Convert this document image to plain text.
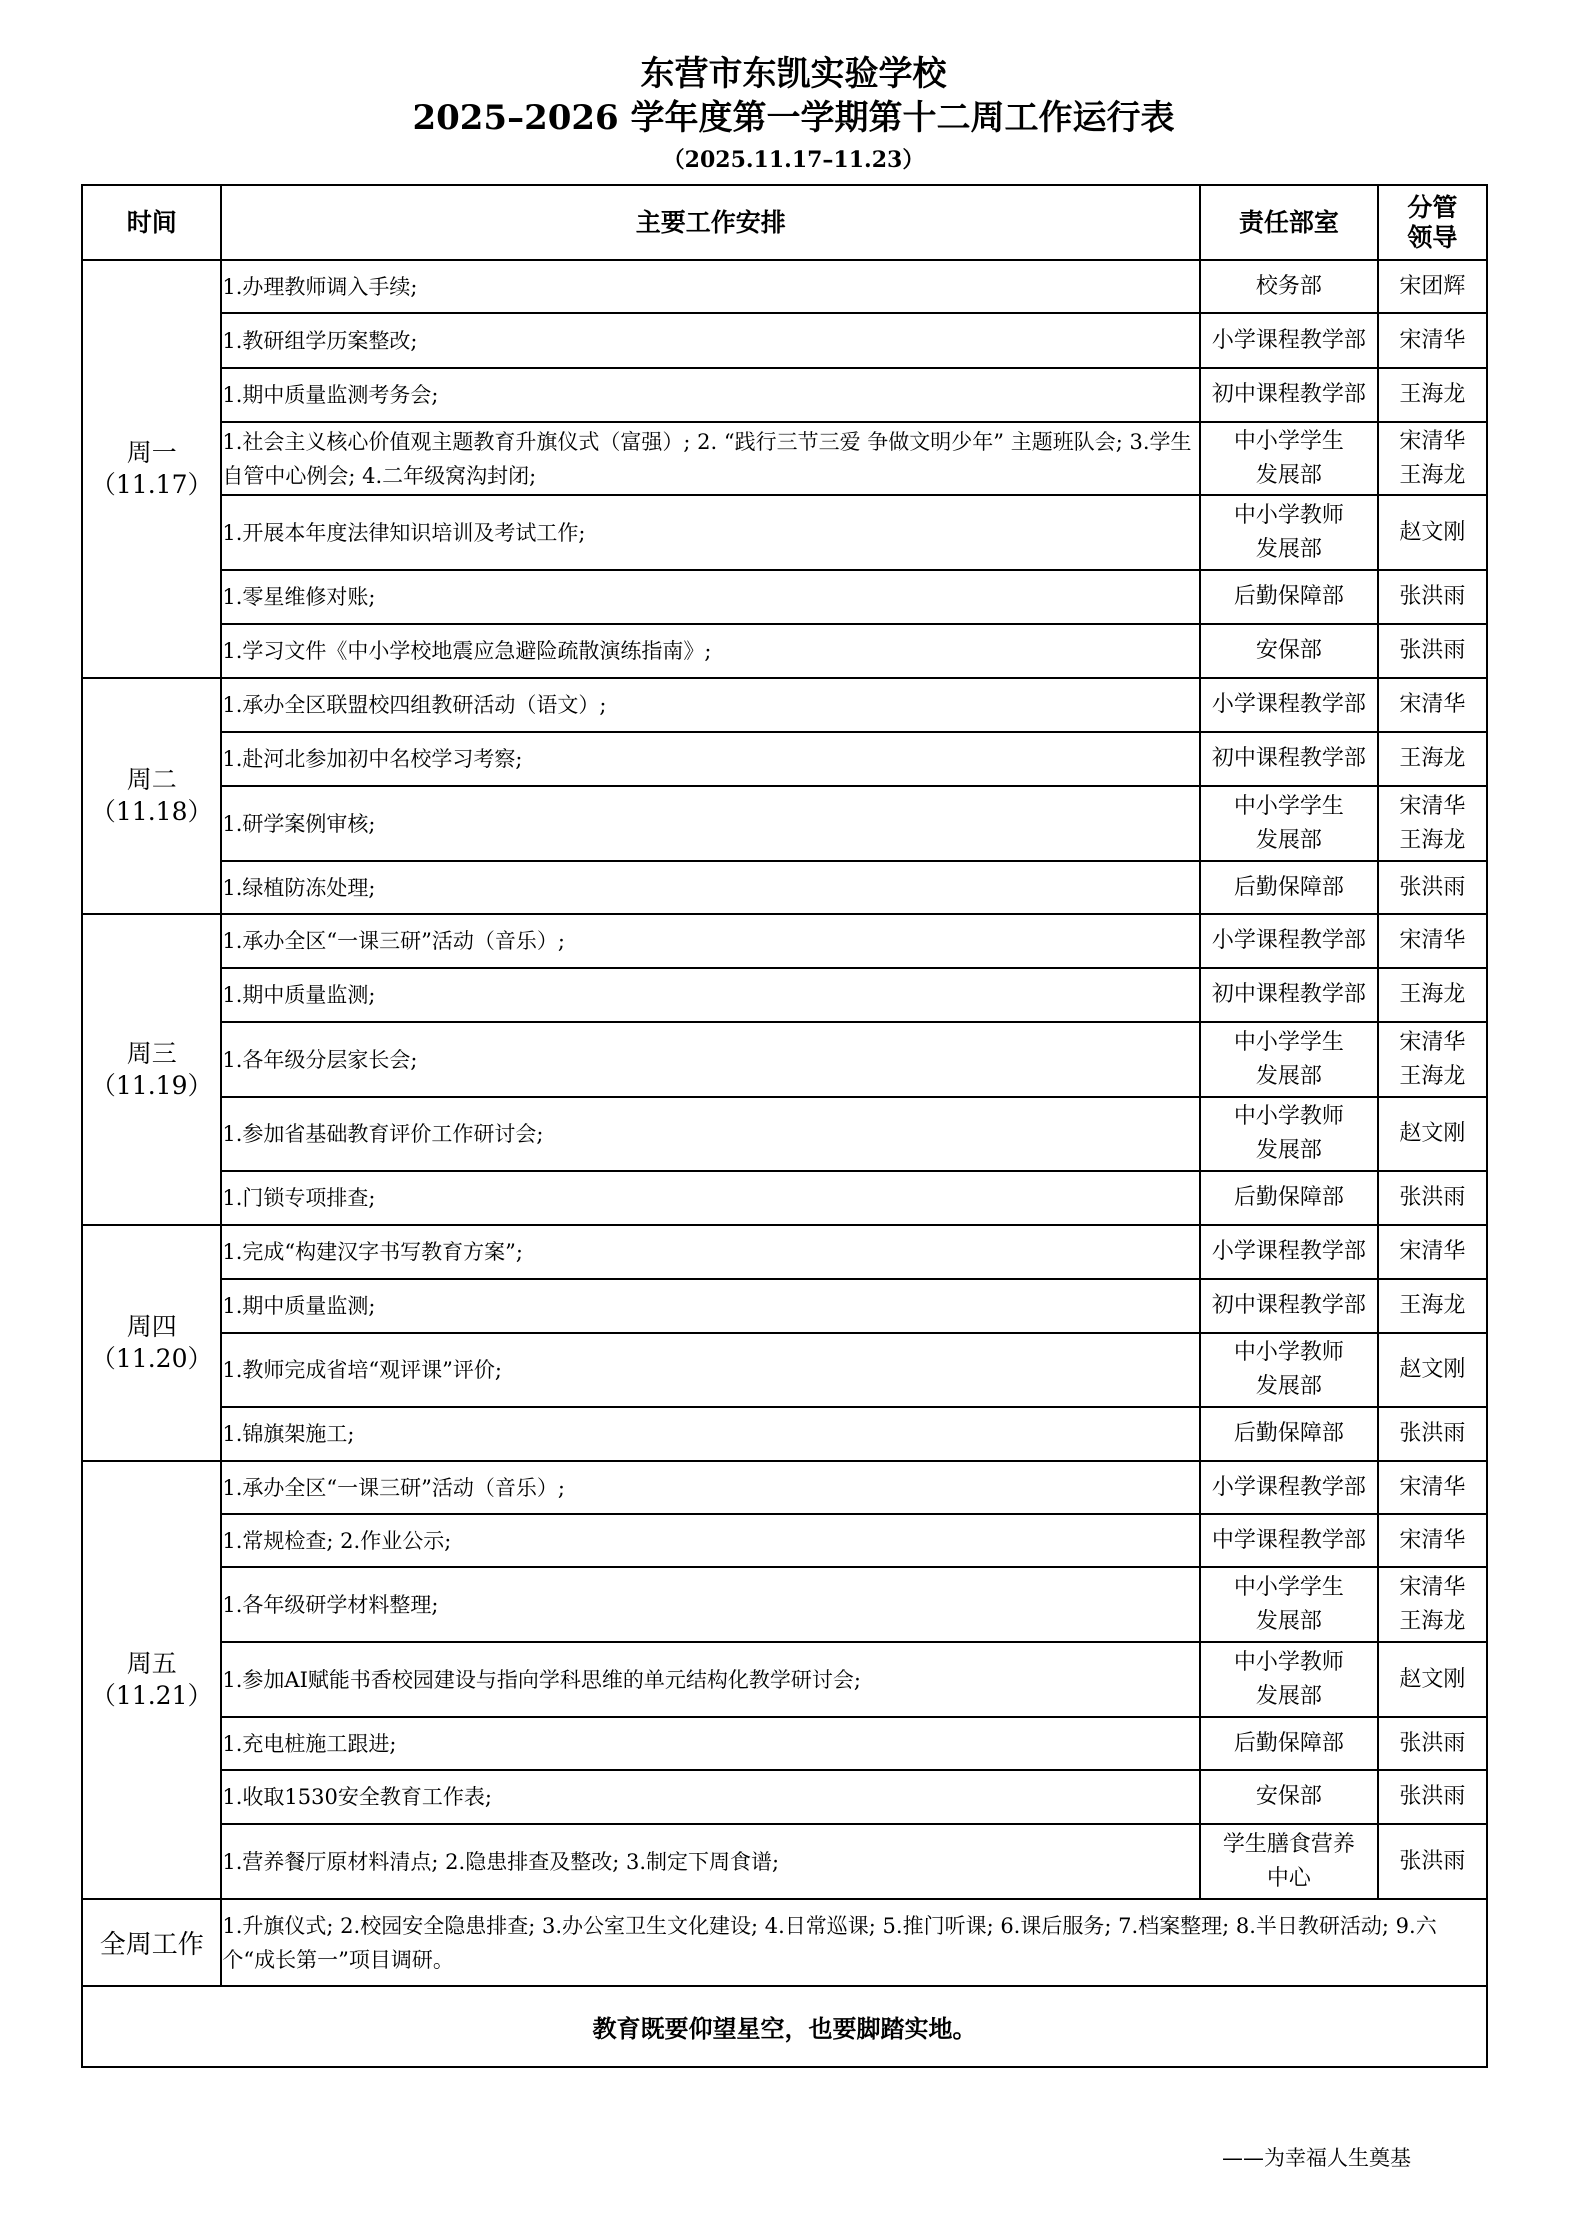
东营市东凯实验学校
2025–2026 学年度第一学期第十二周工作运行表
（2025.11.17–11.23）
时间	主要工作安排	责任部室	
分管
领导

周一
（11.17）
	1.办理教师调入手续;	校务部	宋团辉

1.教研组学历案整改;	小学课程教学部	宋清华

1.期中质量监测考务会;	初中课程教学部	王海龙

1.社会主义核心价值观主题教育升旗仪式（富强）; 2. “践行三节三爱 争做文明少年” 主题班队会; 3.学生自管中心例会; 4.二年级窝沟封闭;	
中小学学生
发展部

宋清华
王海龙

1.开展本年度法律知识培训及考试工作;	
中小学教师
发展部

赵文刚

1.零星维修对账;	后勤保障部	张洪雨

1.学习文件《中小学校地震应急避险疏散演练指南》;	安保部	张洪雨

周二
（11.18）
	1.承办全区联盟校四组教研活动（语文）;	小学课程教学部	宋清华

1.赴河北参加初中名校学习考察;	初中课程教学部	王海龙

1.研学案例审核;	
中小学学生
发展部

宋清华
王海龙

1.绿植防冻处理;	后勤保障部	张洪雨

周三
（11.19）
	1.承办全区“一课三研”活动（音乐）;	小学课程教学部	宋清华

1.期中质量监测;	初中课程教学部	王海龙

1.各年级分层家长会;	
中小学学生
发展部

宋清华
王海龙

1.参加省基础教育评价工作研讨会;	
中小学教师
发展部

赵文刚

1.门锁专项排查;	后勤保障部	张洪雨

周四
（11.20）
	1.完成“构建汉字书写教育方案”;	小学课程教学部	宋清华

1.期中质量监测;	初中课程教学部	王海龙

1.教师完成省培“观评课”评价;	
中小学教师
发展部

赵文刚

1.锦旗架施工;	后勤保障部	张洪雨

周五
（11.21）
	1.承办全区“一课三研”活动（音乐）;	小学课程教学部	宋清华

1.常规检查; 2.作业公示;	中学课程教学部	宋清华

1.各年级研学材料整理;	
中小学学生
发展部

宋清华
王海龙

1.参加AI赋能书香校园建设与指向学科思维的单元结构化教学研讨会;	
中小学教师
发展部

赵文刚

1.充电桩施工跟进;	后勤保障部	张洪雨

1.收取1530安全教育工作表;	安保部	张洪雨

1.营养餐厅原材料清点; 2.隐患排查及整改; 3.制定下周食谱;	
学生膳食营养
中心

张洪雨

全周工作	1.升旗仪式; 2.校园安全隐患排查; 3.办公室卫生文化建设; 4.日常巡课; 5.推门听课; 6.课后服务; 7.档案整理; 8.半日教研活动; 9.六个“成长第一”项目调研。
教育既要仰望星空，也要脚踏实地。
——为幸福人生奠基
